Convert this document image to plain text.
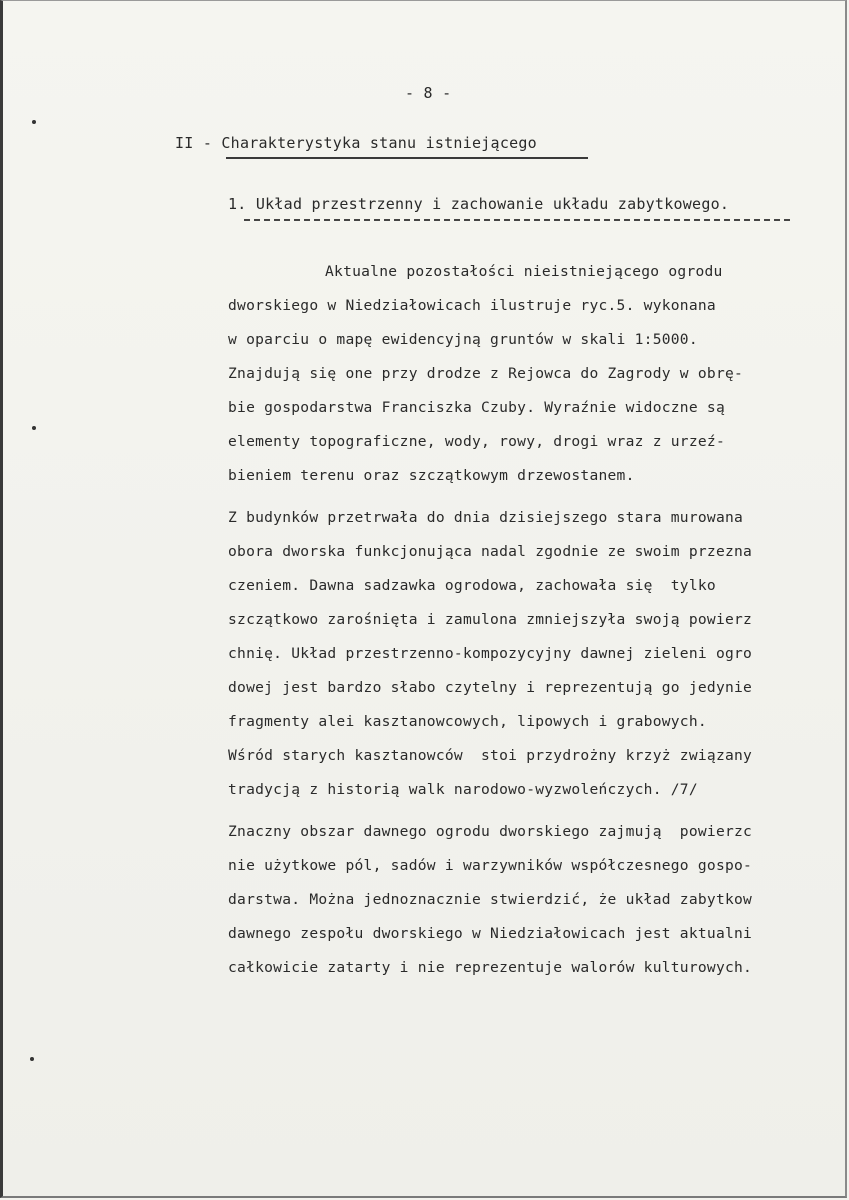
- 8 -
II - Charakterystyka stanu istniejącego
1. Układ przestrzenny i zachowanie układu zabytkowego.
Aktualne pozostałości nieistniejącego ogrodu
dworskiego w Niedziałowicach ilustruje ryc.5. wykonana
w oparciu o mapę ewidencyjną gruntów w skali 1:5000.
Znajdują się one przy drodze z Rejowca do Zagrody w obrę-
bie gospodarstwa Franciszka Czuby. Wyraźnie widoczne są
elementy topograficzne, wody, rowy, drogi wraz z urzeź-
bieniem terenu oraz szczątkowym drzewostanem.
Z budynków przetrwała do dnia dzisiejszego stara murowana
obora dworska funkcjonująca nadal zgodnie ze swoim przezna
czeniem. Dawna sadzawka ogrodowa, zachowała się  tylko
szczątkowo zarośnięta i zamulona zmniejszyła swoją powierz
chnię. Układ przestrzenno-kompozycyjny dawnej zieleni ogro
dowej jest bardzo słabo czytelny i reprezentują go jedynie
fragmenty alei kasztanowcowych, lipowych i grabowych.
Wśród starych kasztanowców  stoi przydrożny krzyż związany
tradycją z historią walk narodowo-wyzwoleńczych. /7/
Znaczny obszar dawnego ogrodu dworskiego zajmują  powierzc
nie użytkowe pól, sadów i warzywników współczesnego gospo-
darstwa. Można jednoznacznie stwierdzić, że układ zabytkow
dawnego zespołu dworskiego w Niedziałowicach jest aktualni
całkowicie zatarty i nie reprezentuje walorów kulturowych.
